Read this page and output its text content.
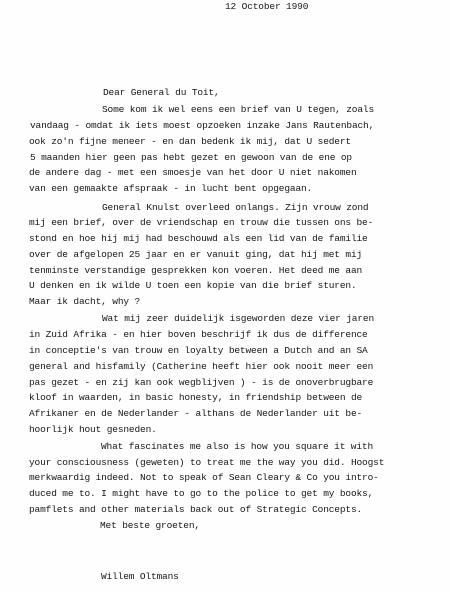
12 October 1990
Dear General du Toit,
Some kom ik wel eens een brief van U tegen, zoals
vandaag - omdat ik iets moest opzoeken inzake Jans Rautenbach,
ook zo'n fijne meneer - en dan bedenk ik mij, dat U sedert
5 maanden hier geen pas hebt gezet en gewoon van de ene op
de andere dag - met een smoesje van het door U niet nakomen
van een gemaakte afspraak - in lucht bent opgegaan.
General Knulst overleed onlangs. Zijn vrouw zond
mij een brief, over de vriendschap en trouw die tussen ons be-
stond en hoe hij mij had beschouwd als een lid van de familie
over de afgelopen 25 jaar en er vanuit ging, dat hij met mij
tenminste verstandige gesprekken kon voeren. Het deed me aan
U denken en ik wilde U toen een kopie van die brief sturen.
Maar ik dacht, why ?
Wat mij zeer duidelijk isgeworden deze vier jaren
in Zuid Afrika - en hier boven beschrijf ik dus de difference
in conceptie's van trouw en loyalty between a Dutch and an SA
general and hisfamily (Catherine heeft hier ook nooit meer een
pas gezet - en zij kan ook wegblijven ) - is de onoverbrugbare
kloof in waarden, in basic honesty, in friendship between de
Afrikaner en de Nederlander - althans de Nederlander uit be-
hoorlijk hout gesneden.
What fascinates me also is how you square it with
your consciousness (geweten) to treat me the way you did. Hoogst
merkwaardig indeed. Not to speak of Sean Cleary & Co you intro-
duced me to. I might have to go to the police to get my books,
pamflets and other materials back out of Strategic Concepts.
Met beste groeten,
Willem Oltmans
